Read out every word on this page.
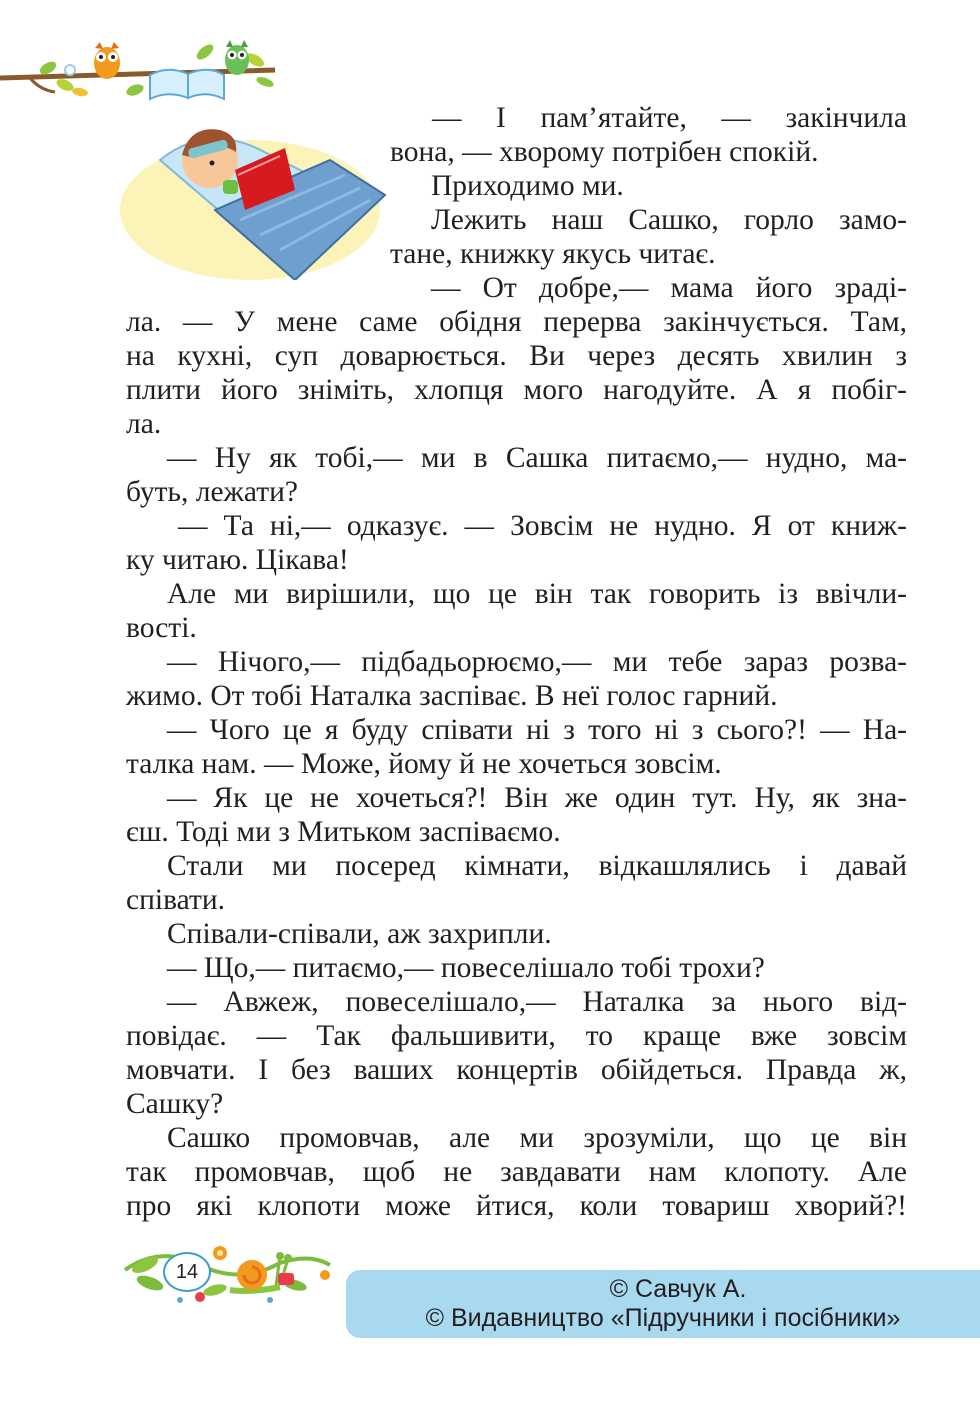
— І пам’ятайте, — закінчила
вона, — хворому потрібен спокій.
Приходимо ми.
Лежить наш Сашко, горло замо-
тане, книжку якусь читає.
— От добре,— мама його зраді-
ла. — У мене саме обідня перерва закінчується. Там,
на кухні, суп доварюється. Ви через десять хвилин з
плити його зніміть, хлопця мого нагодуйте. А я побіг-
ла.
— Ну як тобі,— ми в Сашка питаємо,— нудно, ма-
буть, лежати?
— Та ні,— одказує. — Зовсім не нудно. Я от книж-
ку читаю. Цікава!
Але ми вирішили, що це він так говорить із ввічли-
вості.
— Нічого,— підбадьорюємо,— ми тебе зараз розва-
жимо. От тобі Наталка заспіває. В неї голос гарний.
— Чого це я буду співати ні з того ні з сього?! — На-
талка нам. — Може, йому й не хочеться зовсім.
— Як це не хочеться?! Він же один тут. Ну, як зна-
єш. Тоді ми з Митьком заспіваємо.
Стали ми посеред кімнати, відкашлялись і давай
співати.
Співали-співали, аж захрипли.
— Що,— питаємо,— повеселішало тобі трохи?
— Авжеж, повеселішало,— Наталка за нього від-
повідає. — Так фальшивити, то краще вже зовсім
мовчати. І без ваших концертів обійдеться. Правда ж,
Сашку?
Сашко промовчав, але ми зрозуміли, що це він
так промовчав, щоб не завдавати нам клопоту. Але
про які клопоти може йтися, коли товариш хворий?!
14
© Савчук А.
© Видавництво «Підручники і посібники»
